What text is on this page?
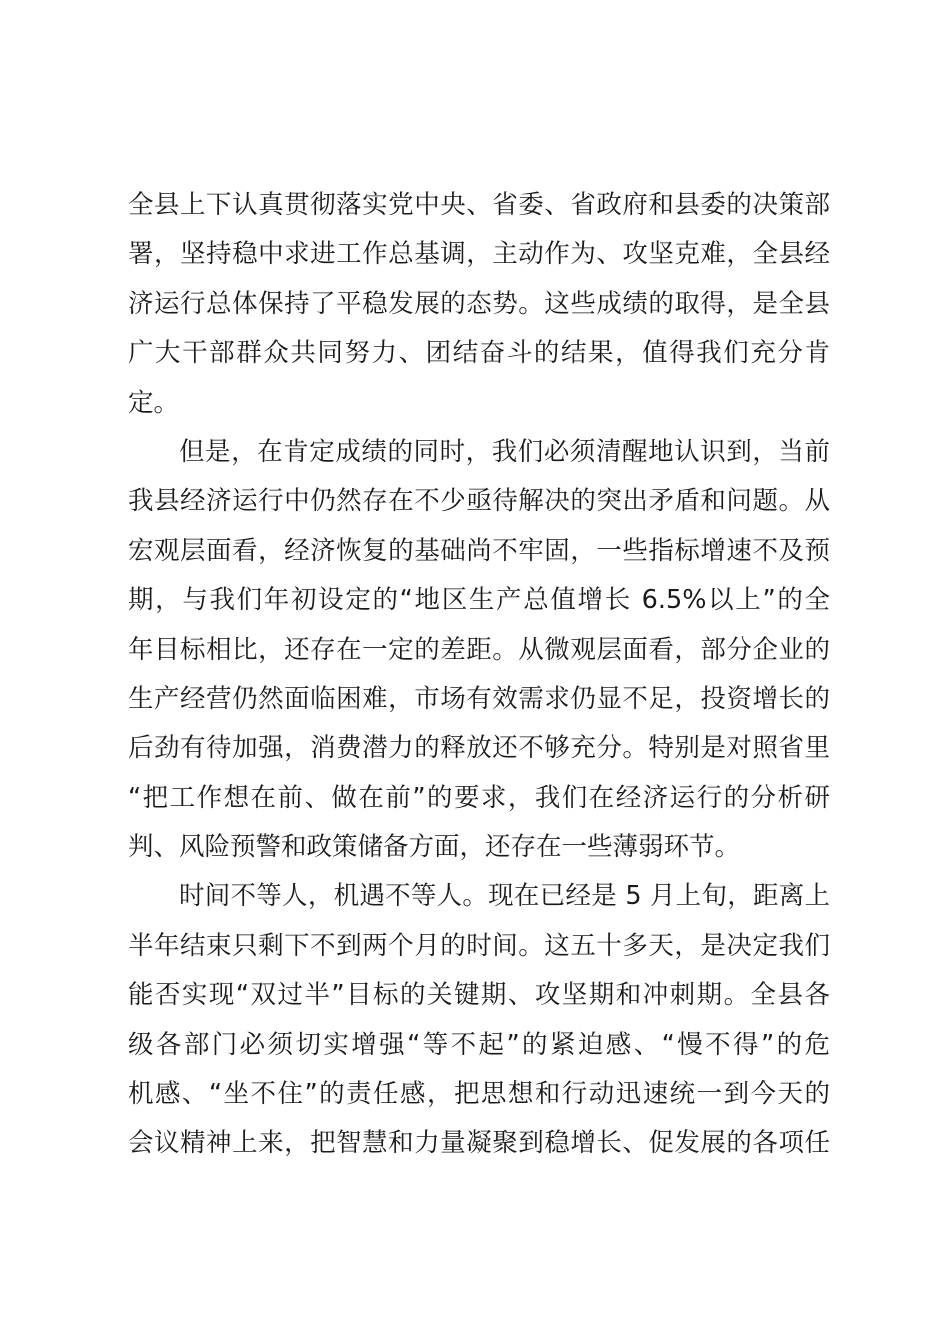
全县上下认真贯彻落实党中央、省委、省政府和县委的决策部
署，坚持稳中求进工作总基调，主动作为、攻坚克难，全县经
济运行总体保持了平稳发展的态势。这些成绩的取得，是全县
广大干部群众共同努力、团结奋斗的结果，值得我们充分肯
定。
但是，在肯定成绩的同时，我们必须清醒地认识到，当前
我县经济运行中仍然存在不少亟待解决的突出矛盾和问题。从
宏观层面看，经济恢复的基础尚不牢固，一些指标增速不及预
期，与我们年初设定的“地区生产总值增长 6.5%以上”的全
年目标相比，还存在一定的差距。从微观层面看，部分企业的
生产经营仍然面临困难，市场有效需求仍显不足，投资增长的
后劲有待加强，消费潜力的释放还不够充分。特别是对照省里
“把工作想在前、做在前”的要求，我们在经济运行的分析研
判、风险预警和政策储备方面，还存在一些薄弱环节。
时间不等人，机遇不等人。现在已经是 5 月上旬，距离上
半年结束只剩下不到两个月的时间。这五十多天，是决定我们
能否实现“双过半”目标的关键期、攻坚期和冲刺期。全县各
级各部门必须切实增强“等不起”的紧迫感、“慢不得”的危
机感、“坐不住”的责任感，把思想和行动迅速统一到今天的
会议精神上来，把智慧和力量凝聚到稳增长、促发展的各项任
